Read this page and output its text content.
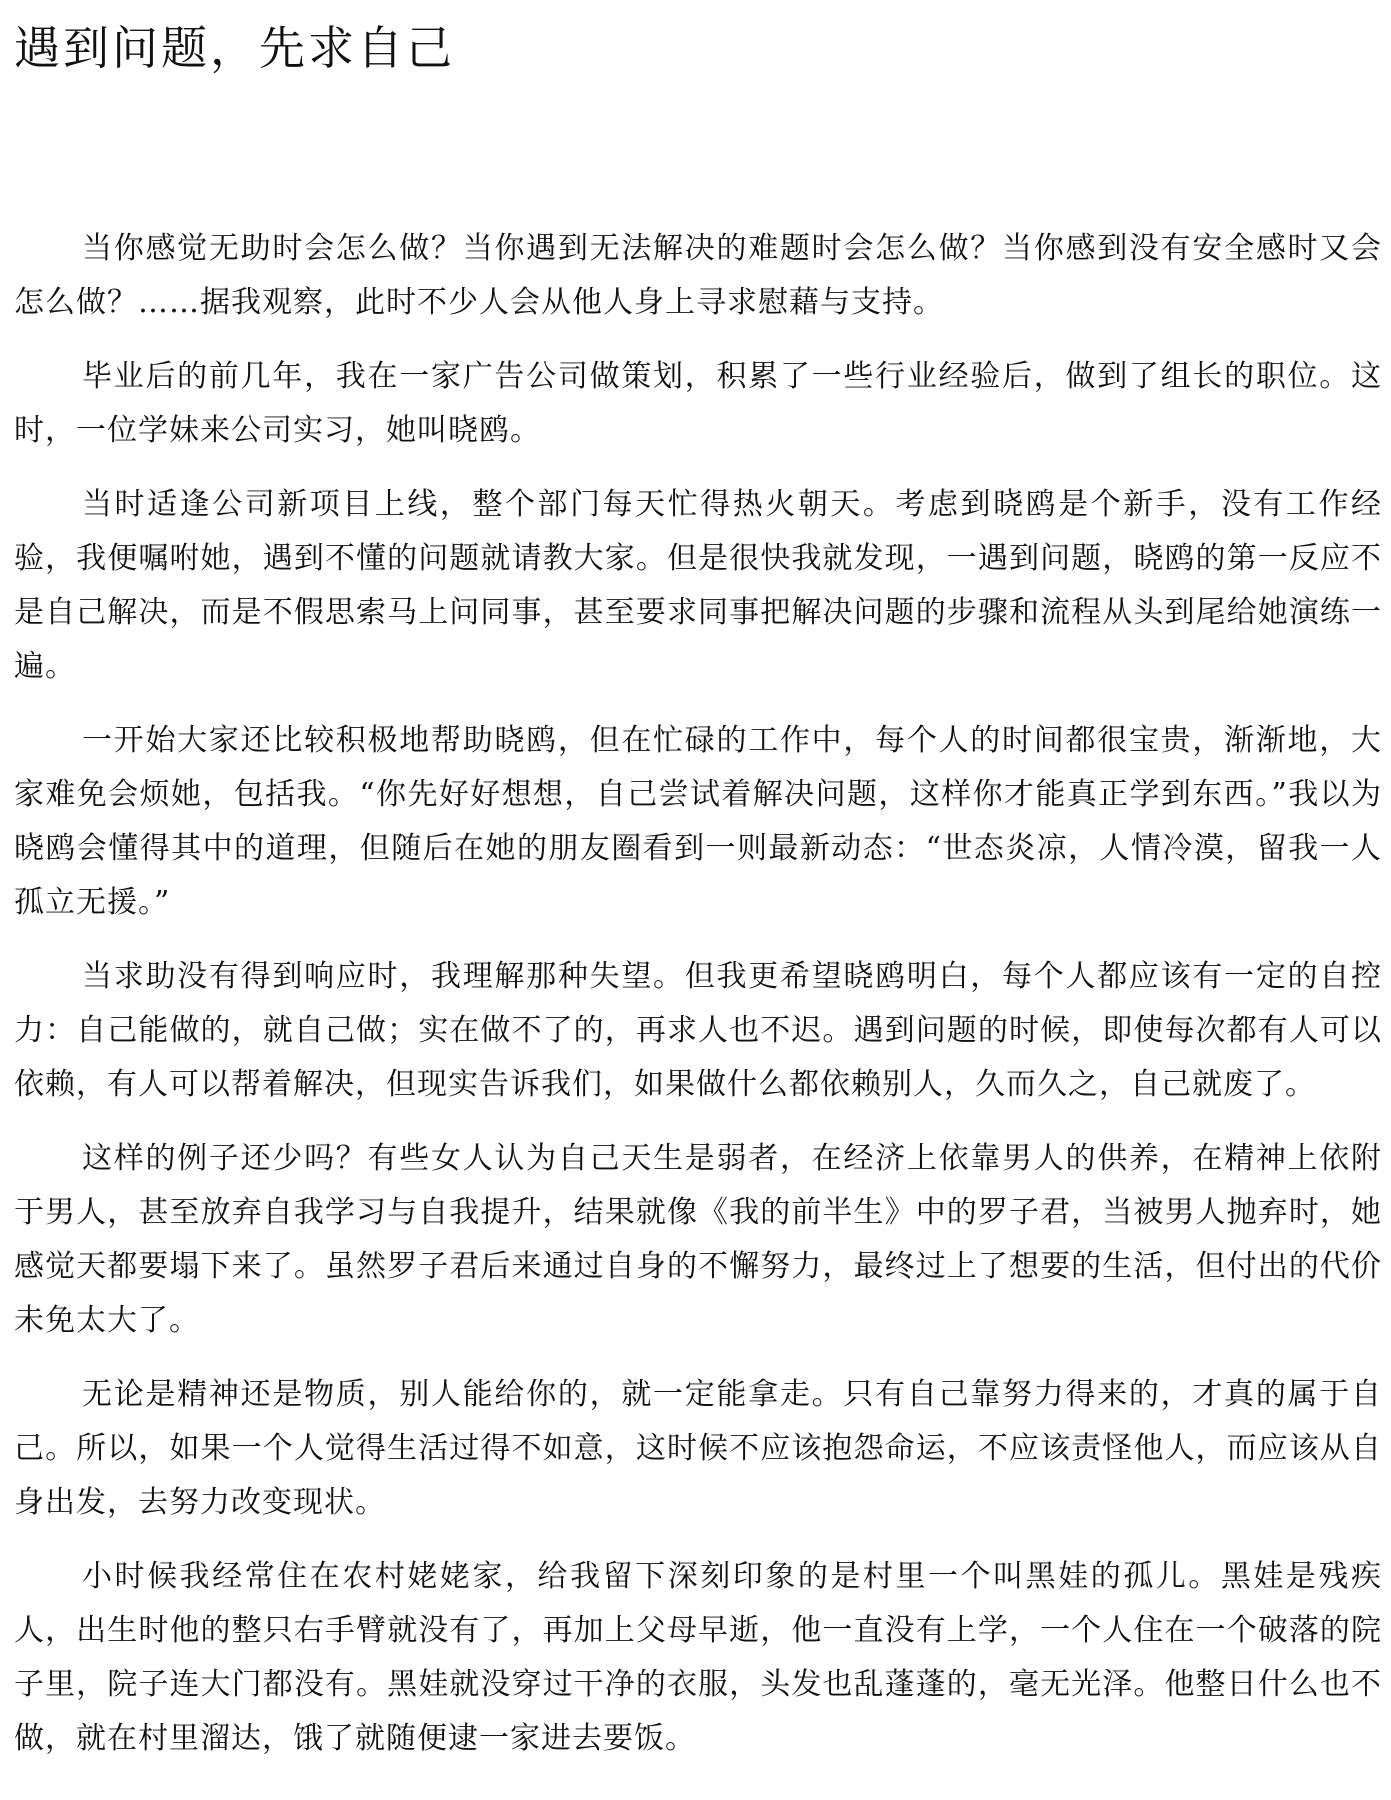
遇到问题，先求自己

当你感觉无助时会怎么做？当你遇到无法解决的难题时会怎么做？当你感到没有安全感时又会怎么做？……据我观察，此时不少人会从他人身上寻求慰藉与支持。

毕业后的前几年，我在一家广告公司做策划，积累了一些行业经验后，做到了组长的职位。这时，一位学妹来公司实习，她叫晓鸥。

当时适逢公司新项目上线，整个部门每天忙得热火朝天。考虑到晓鸥是个新手，没有工作经验，我便嘱咐她，遇到不懂的问题就请教大家。但是很快我就发现，一遇到问题，晓鸥的第一反应不是自己解决，而是不假思索马上问同事，甚至要求同事把解决问题的步骤和流程从头到尾给她演练一遍。

一开始大家还比较积极地帮助晓鸥，但在忙碌的工作中，每个人的时间都很宝贵，渐渐地，大家难免会烦她，包括我。“你先好好想想，自己尝试着解决问题，这样你才能真正学到东西。”我以为晓鸥会懂得其中的道理，但随后在她的朋友圈看到一则最新动态：“世态炎凉，人情冷漠，留我一人孤立无援。”

当求助没有得到响应时，我理解那种失望。但我更希望晓鸥明白，每个人都应该有一定的自控力：自己能做的，就自己做；实在做不了的，再求人也不迟。遇到问题的时候，即使每次都有人可以依赖，有人可以帮着解决，但现实告诉我们，如果做什么都依赖别人，久而久之，自己就废了。

这样的例子还少吗？有些女人认为自己天生是弱者，在经济上依靠男人的供养，在精神上依附于男人，甚至放弃自我学习与自我提升，结果就像《我的前半生》中的罗子君，当被男人抛弃时，她感觉天都要塌下来了。虽然罗子君后来通过自身的不懈努力，最终过上了想要的生活，但付出的代价未免太大了。

无论是精神还是物质，别人能给你的，就一定能拿走。只有自己靠努力得来的，才真的属于自己。所以，如果一个人觉得生活过得不如意，这时候不应该抱怨命运，不应该责怪他人，而应该从自身出发，去努力改变现状。

小时候我经常住在农村姥姥家，给我留下深刻印象的是村里一个叫黑娃的孤儿。黑娃是残疾人，出生时他的整只右手臂就没有了，再加上父母早逝，他一直没有上学，一个人住在一个破落的院子里，院子连大门都没有。黑娃就没穿过干净的衣服，头发也乱蓬蓬的，毫无光泽。他整日什么也不做，就在村里溜达，饿了就随便逮一家进去要饭。
